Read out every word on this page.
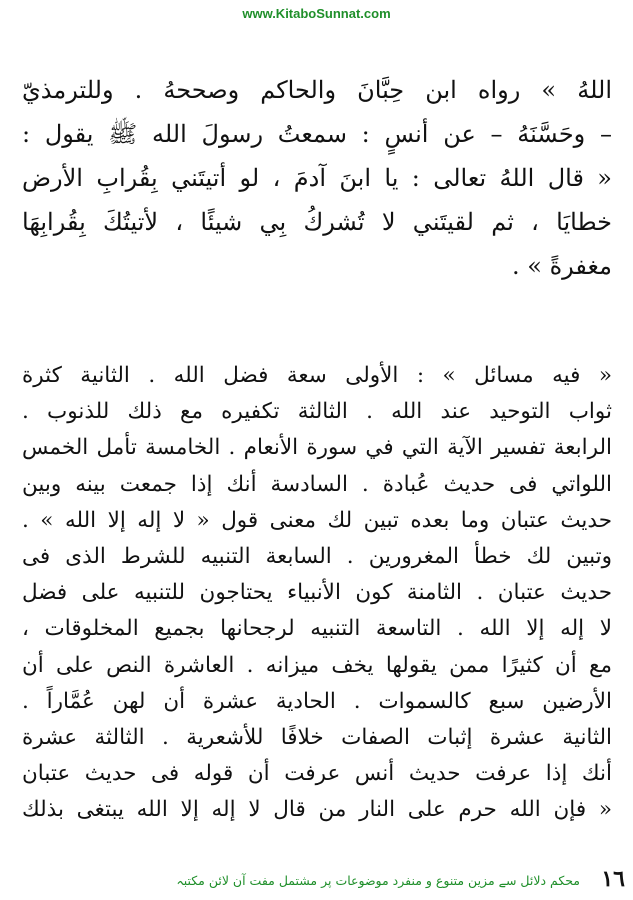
www.KitaboSunnat.com
اللهُ » رواه ابن حِبَّانَ والحاكم وصححهُ . وللترمذيّ
– وحَسَّنَهُ – عن أنسٍ : سمعتُ رسولَ الله ﷺ يقول :
« قال اللهُ تعالى : يا ابنَ آدمَ ، لو أتيتَني بِقُرابِ الأرض
خطايَا ، ثم لقيتَني لا تُشركُ بِي شيئًا ، لأتيتُكَ بِقُرابِهَا
مغفرةً » .
« فيه مسائل » : الأولى سعة فضل الله . الثانية كثرة
ثواب التوحيد عند الله . الثالثة تكفيره مع ذلك للذنوب .
الرابعة تفسير الآية التي في سورة الأنعام . الخامسة تأمل الخمس
اللواتي فى حديث عُبادة . السادسة أنك إذا جمعت بينه وبين
حديث عتبان وما بعده تبين لك معنى قول « لا إله إلا الله » .
وتبين لك خطأ المغرورين . السابعة التنبيه للشرط الذى فى
حديث عتبان . الثامنة كون الأنبياء يحتاجون للتنبيه على فضل
لا إله إلا الله . التاسعة التنبيه لرجحانها بجميع المخلوقات ،
مع أن كثيرًا ممن يقولها يخف ميزانه . العاشرة النص على أن
الأرضين سبع كالسموات . الحادية عشرة أن لهن عُمَّاراً .
الثانية عشرة إثبات الصفات خلافًا للأشعرية . الثالثة عشرة
أنك إذا عرفت حديث أنس عرفت أن قوله فى حديث عتبان
« فإن الله حرم على النار من قال لا إله إلا الله يبتغى بذلك
محکم دلائل سے مزین متنوع و منفرد موضوعات پر مشتمل مفت آن لائن مکتبہ ١٦
